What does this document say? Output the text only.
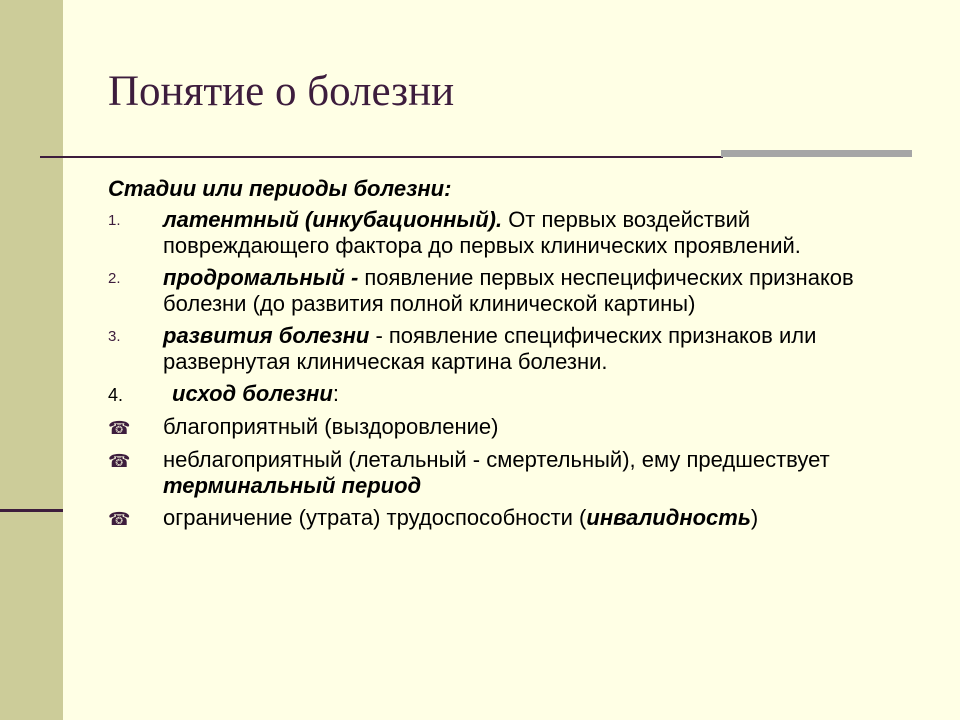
Понятие о болезни
Стадии или периоды болезни:
1.	латентный (инкубационный). От первых воздействий повреждающего фактора до первых клинических проявлений.
2.	продромальный - появление первых неспецифических признаков болезни (до развития полной клинической картины)
3.	развития болезни - появление специфических признаков или развернутая клиническая картина болезни.
4.	исход болезни:
☎	благоприятный (выздоровление)
☎	неблагоприятный (летальный - смертельный), ему предшествует терминальный период
☎	ограничение (утрата) трудоспособности (инвалидность)
